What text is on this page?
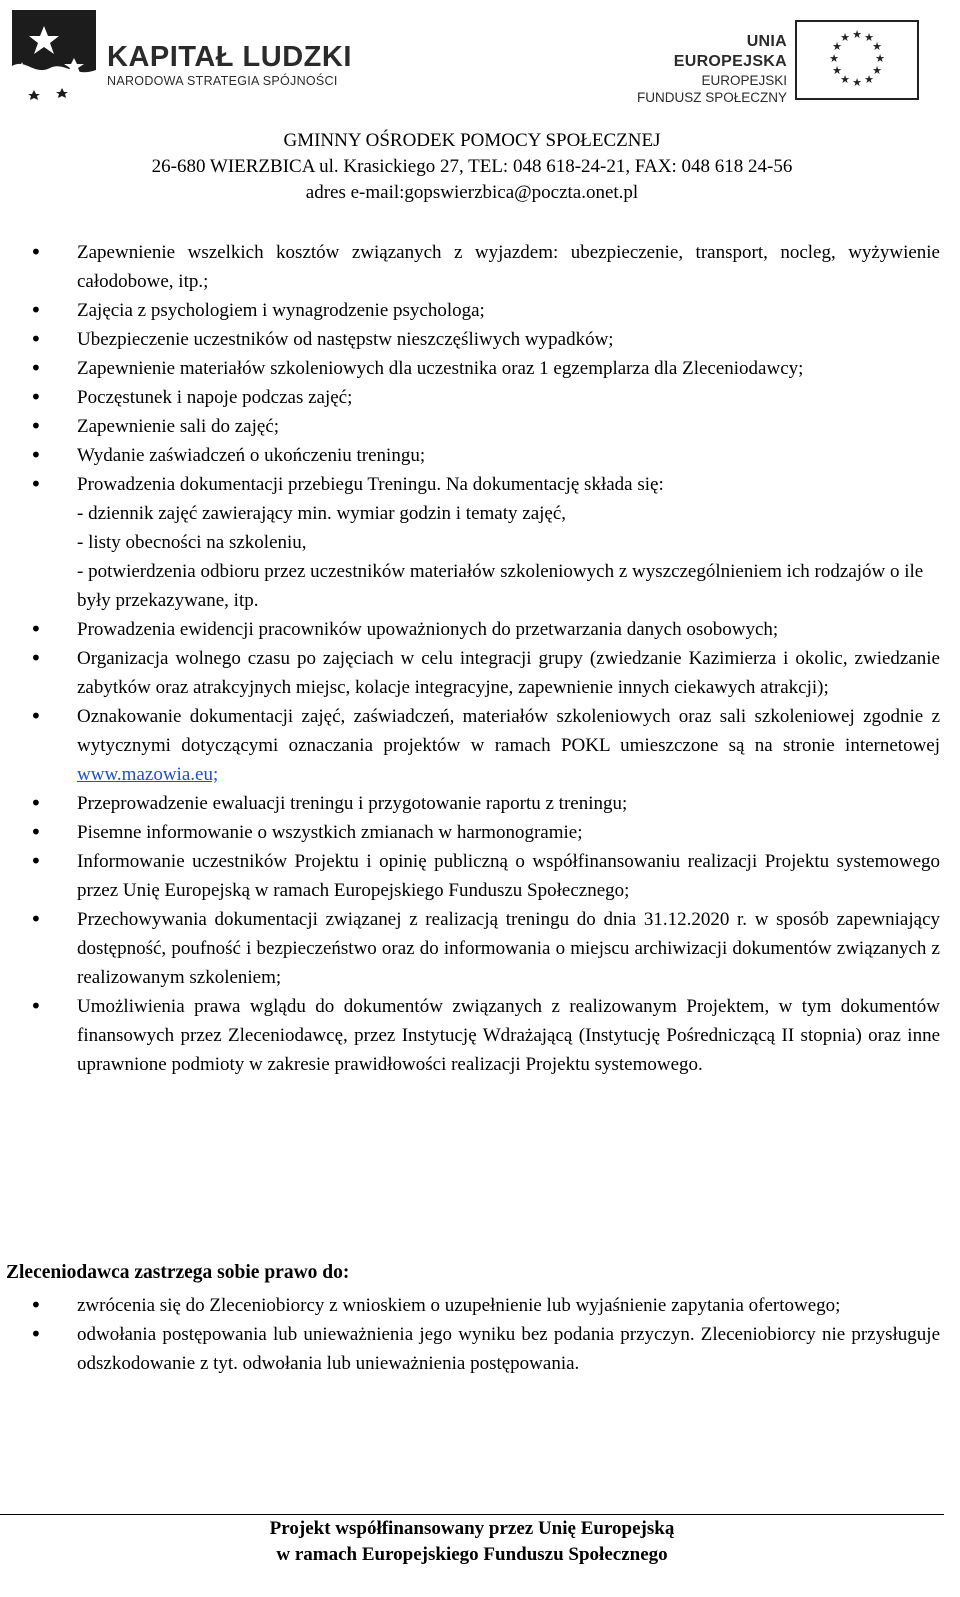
KAPITAŁ LUDZKI
NARODOWA STRATEGIA SPÓJNOŚCI
UNIA EUROPEJSKA
EUROPEJSKI
FUNDUSZ SPOŁECZNY
★ ★
★
★
★
★
★
★
★
★
★
★
GMINNY OŚRODEK POMOCY SPOŁECZNEJ
26-680 WIERZBICA ul. Krasickiego 27, TEL: 048 618-24-21, FAX: 048 618 24-56
adres e-mail:gopswierzbica@poczta.onet.pl
• Zapewnienie wszelkich kosztów związanych z wyjazdem: ubezpieczenie, transport, nocleg, wyżywienie całodobowe, itp.;
• Zajęcia z psychologiem i wynagrodzenie psychologa;
• Ubezpieczenie uczestników od następstw nieszczęśliwych wypadków;
• Zapewnienie materiałów szkoleniowych dla uczestnika oraz 1 egzemplarza dla Zleceniodawcy;
• Poczęstunek i napoje podczas zajęć;
• Zapewnienie sali do zajęć;
• Wydanie zaświadczeń o ukończeniu treningu;
• Prowadzenia dokumentacji przebiegu Treningu. Na dokumentację składa się:
- dziennik zajęć zawierający min. wymiar godzin i tematy zajęć,
- listy obecności na szkoleniu,
- potwierdzenia odbioru przez uczestników materiałów szkoleniowych z wyszczególnieniem ich rodzajów o ile były przekazywane, itp.
• Prowadzenia ewidencji pracowników upoważnionych do przetwarzania danych osobowych;
• Organizacja wolnego czasu po zajęciach w celu integracji grupy (zwiedzanie Kazimierza i okolic, zwiedzanie zabytków oraz atrakcyjnych miejsc, kolacje integracyjne, zapewnienie innych ciekawych atrakcji);
• Oznakowanie dokumentacji zajęć, zaświadczeń, materiałów szkoleniowych oraz sali szkoleniowej zgodnie z wytycznymi dotyczącymi oznaczania projektów w ramach POKL umieszczone są na stronie internetowej www.mazowia.eu;
• Przeprowadzenie ewaluacji treningu i przygotowanie raportu z treningu;
• Pisemne informowanie o wszystkich zmianach w harmonogramie;
• Informowanie uczestników Projektu i opinię publiczną o współfinansowaniu realizacji Projektu systemowego przez Unię Europejską w ramach Europejskiego Funduszu Społecznego;
• Przechowywania dokumentacji związanej z realizacją treningu do dnia 31.12.2020 r. w sposób zapewniający dostępność, poufność i bezpieczeństwo oraz do informowania o miejscu archiwizacji dokumentów związanych z realizowanym szkoleniem;
• Umożliwienia prawa wglądu do dokumentów związanych z realizowanym Projektem, w tym dokumentów finansowych przez Zleceniodawcę, przez Instytucję Wdrażającą (Instytucję Pośredniczącą II stopnia) oraz inne uprawnione podmioty w zakresie prawidłowości realizacji Projektu systemowego.
Zleceniodawca zastrzega sobie prawo do:
• zwrócenia się do Zleceniobiorcy z wnioskiem o uzupełnienie lub wyjaśnienie zapytania ofertowego;
• odwołania postępowania lub unieważnienia jego wyniku bez podania przyczyn. Zleceniobiorcy nie przysługuje odszkodowanie z tyt. odwołania lub unieważnienia postępowania.
Projekt współfinansowany przez Unię Europejską
w ramach Europejskiego Funduszu Społecznego
